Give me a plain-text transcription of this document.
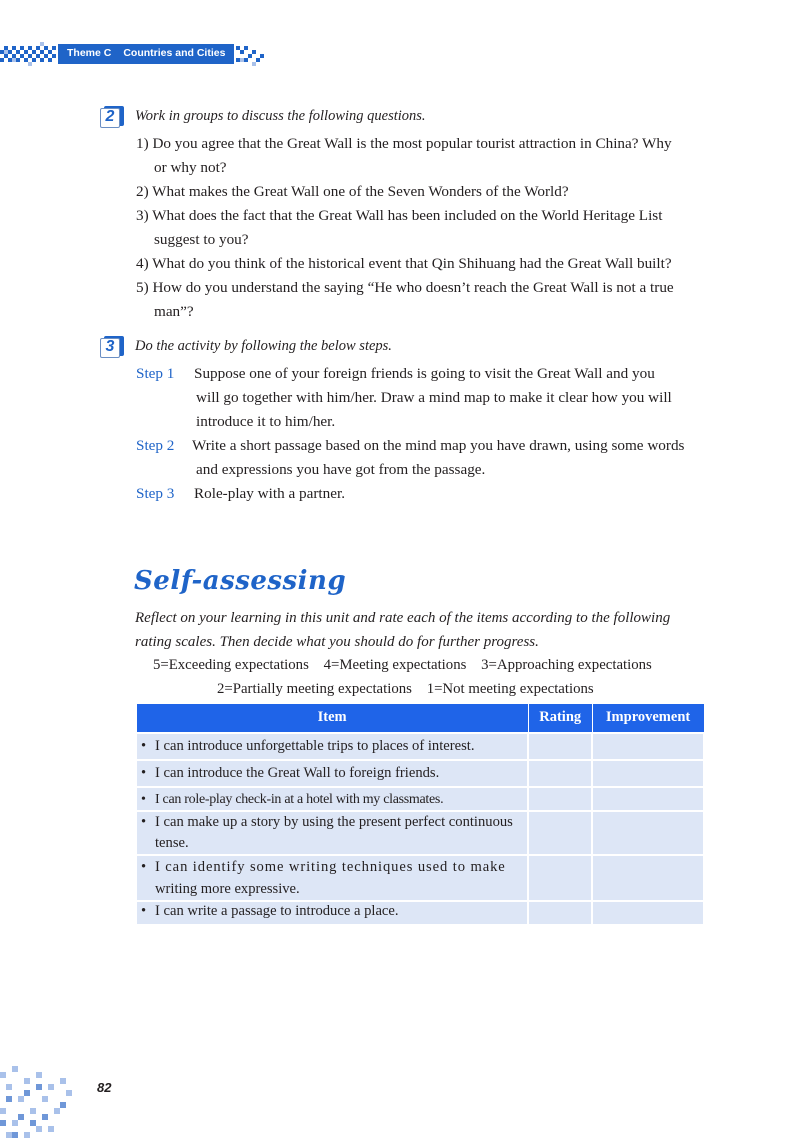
Theme C Countries and Cities
2	Work in groups to discuss the following questions.
1) Do you agree that the Great Wall is the most popular tourist attraction in China? Why
or why not?
2) What makes the Great Wall one of the Seven Wonders of the World?
3) What does the fact that the Great Wall has been included on the World Heritage List
suggest to you?
4) What do you think of the historical event that Qin Shihuang had the Great Wall built?
5) How do you understand the saying “He who doesn’t reach the Great Wall is not a true
man”?
3	Do the activity by following the below steps.
Step 1 Suppose one of your foreign friends is going to visit the Great Wall and you
will go together with him/her. Draw a mind map to make it clear how you will
introduce it to him/her.
Step 2 Write a short passage based on the mind map you have drawn, using some words
and expressions you have got from the passage.
Step 3 Role-play with a partner.
Self-assessing
Reflect on your learning in this unit and rate each of the items according to the following
rating scales. Then decide what you should do for further progress.
5=Exceeding expectations    4=Meeting expectations    3=Approaching expectations
2=Partially meeting expectations    1=Not meeting expectations
Item	Rating	Improvement
• I can introduce unforgettable trips to places of interest.		
• I can introduce the Great Wall to foreign friends.		
• I can role-play check-in at a hotel with my classmates.		
• I can make up a story by using the present perfect continuous
tense.		

• I can identify some writing techniques used to make
writing more expressive.		

• I can write a passage to introduce a place.		
82
